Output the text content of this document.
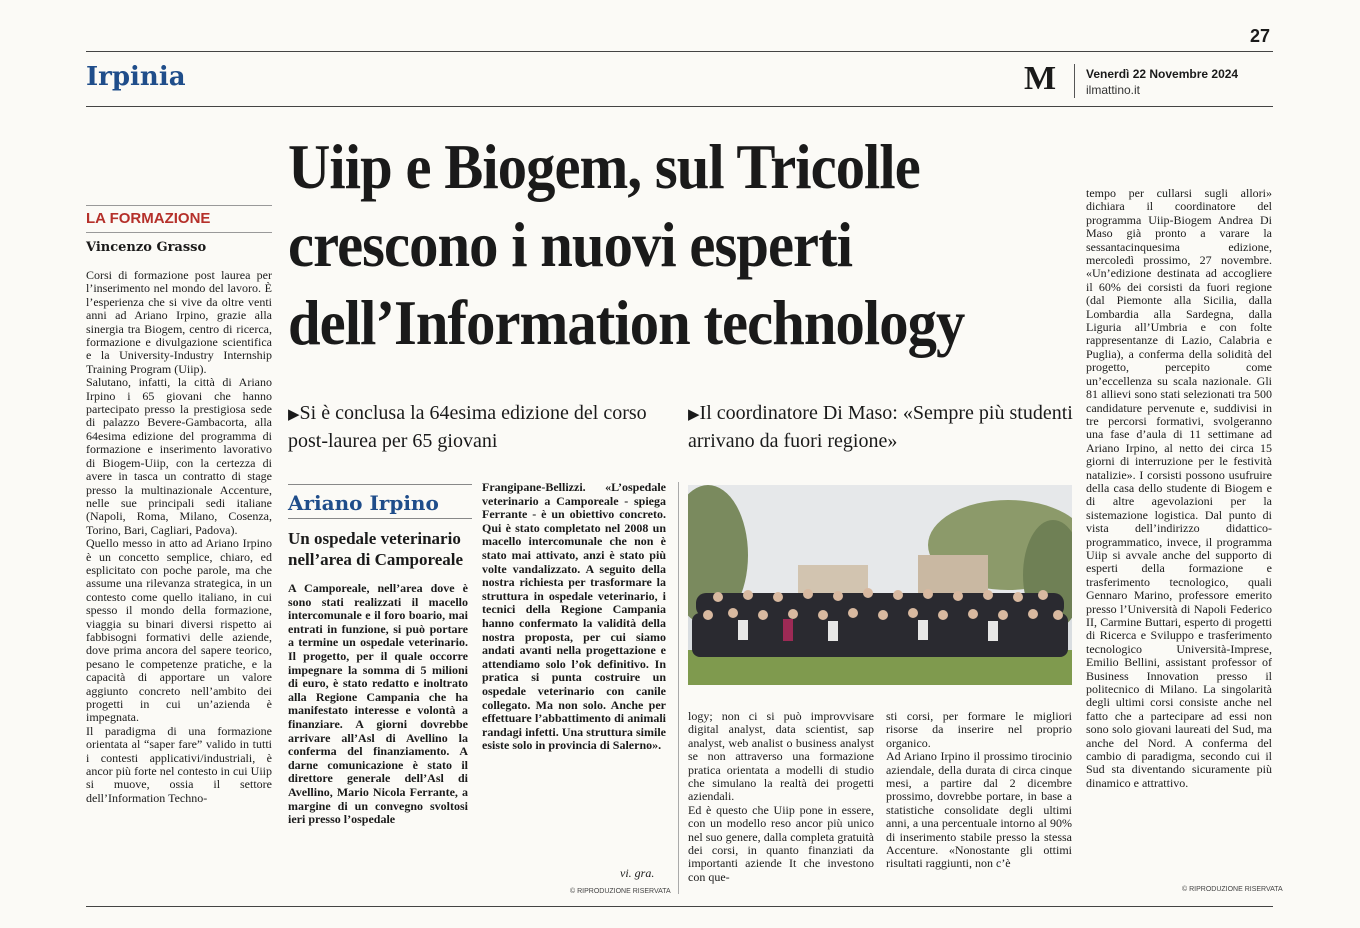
27
Irpinia	M	Venerdì 22 Novembre 2024
ilmattino.it
Uiip e Biogem, sul Tricolle
crescono i nuovi esperti
dell’Information technology
LA FORMAZIONE
Vincenzo Grasso

Corsi di formazione post laurea per l’inserimento nel mondo del lavoro. È l’esperienza che si vive da oltre venti anni ad Ariano Irpino, grazie alla sinergia tra Biogem, centro di ricerca, formazione e divulgazione scientifica e la University-Industry Internship Training Program (Uiip).

Salutano, infatti, la città di Ariano Irpino i 65 giovani che hanno partecipato presso la prestigiosa sede di palazzo Bevere-Gambacorta, alla 64esima edizione del programma di formazione e inserimento lavorativo di Biogem-Uiip, con la certezza di avere in tasca un contratto di stage presso la multinazionale Accenture, nelle sue principali sedi italiane (Napoli, Roma, Milano, Cosenza, Torino, Bari, Cagliari, Padova).

Quello messo in atto ad Ariano Irpino è un concetto semplice, chiaro, ed esplicitato con poche parole, ma che assume una rilevanza strategica, in un contesto come quello italiano, in cui spesso il mondo della formazione, viaggia su binari diversi rispetto ai fabbisogni formativi delle aziende, dove prima ancora del sapere teorico, pesano le competenze pratiche, e la capacità di apportare un valore aggiunto concreto nell’ambito dei progetti in cui un’azienda è impegnata.

Il paradigma di una formazione orientata al “saper fare” valido in tutti i contesti applicativi/industriali, è ancor più forte nel contesto in cui Uiip si muove, ossia il settore dell’Information Techno-

▶Si è conclusa la 64esima edizione del corso post-laurea per 65 giovani
▶Il coordinatore Di Maso: «Sempre più studenti arrivano da fuori regione»
Ariano Irpino
Un ospedale veterinario nell’area di Camporeale
A Camporeale, nell’area dove è sono stati realizzati il macello intercomunale e il foro boario, mai entrati in funzione, si può portare a termine un ospedale veterinario. Il progetto, per il quale occorre impegnare la somma di 5 milioni di euro, è stato redatto e inoltrato alla Regione Campania che ha manifestato interesse e volontà a finanziare. A giorni dovrebbe arrivare all’Asl di Avellino la conferma del finanziamento. A darne comunicazione è stato il direttore generale dell’Asl di Avellino, Mario Nicola Ferrante, a margine di un convegno svoltosi ieri presso l’ospedale
Frangipane-Bellizzi. «L’ospedale veterinario a Camporeale - spiega Ferrante - è un obiettivo concreto. Qui è stato completato nel 2008 un macello intercomunale che non è stato mai attivato, anzi è stato più volte vandalizzato. A seguito della nostra richiesta per trasformare la struttura in ospedale veterinario, i tecnici della Regione Campania hanno confermato la validità della nostra proposta, per cui siamo andati avanti nella progettazione e attendiamo solo l’ok definitivo. In pratica si punta costruire un ospedale veterinario con canile collegato. Ma non solo. Anche per effettuare l’abbattimento di animali randagi infetti. Una struttura simile esiste solo in provincia di Salerno».
vi. gra.
© RIPRODUZIONE RISERVATA

logy; non ci si può improvvisare digital analyst, data scientist, sap analyst, web analist o business analyst se non attraverso una formazione pratica orientata a modelli di studio che simulano la realtà dei progetti aziendali.

Ed è questo che Uiip pone in essere, con un modello reso ancor più unico nel suo genere, dalla completa gratuità dei corsi, in quanto finanziati da importanti aziende It che investono con que-

sti corsi, per formare le migliori risorse da inserire nel proprio organico.

Ad Ariano Irpino il prossimo tirocinio aziendale, della durata di circa cinque mesi, a partire dal 2 dicembre prossimo, dovrebbe portare, in base a statistiche consolidate degli ultimi anni, a una percentuale intorno al 90% di inserimento stabile presso la stessa Accenture. «Nonostante gli ottimi risultati raggiunti, non c’è

tempo per cullarsi sugli allori» dichiara il coordinatore del programma Uiip-Biogem Andrea Di Maso già pronto a varare la sessantacinquesima edizione, mercoledì prossimo, 27 novembre. «Un’edizione destinata ad accogliere il 60% dei corsisti da fuori regione (dal Piemonte alla Sicilia, dalla Lombardia alla Sardegna, dalla Liguria all’Umbria e con folte rappresentanze di Lazio, Calabria e Puglia), a conferma della solidità del progetto, percepito come un’eccellenza su scala nazionale. Gli 81 allievi sono stati selezionati tra 500 candidature pervenute e, suddivisi in tre percorsi formativi, svolgeranno una fase d’aula di 11 settimane ad Ariano Irpino, al netto dei circa 15 giorni di interruzione per le festività natalizie». I corsisti possono usufruire della casa dello studente di Biogem e di altre agevolazioni per la sistemazione logistica. Dal punto di vista dell’indirizzo didattico-programmatico, invece, il programma Uiip si avvale anche del supporto di esperti della formazione e trasferimento tecnologico, quali Gennaro Marino, professore emerito presso l’Università di Napoli Federico II, Carmine Buttari, esperto di progetti di Ricerca e Sviluppo e trasferimento tecnologico Università-Imprese, Emilio Bellini, assistant professor of Business Innovation presso il politecnico di Milano. La singolarità degli ultimi corsi consiste anche nel fatto che a partecipare ad essi non sono solo giovani laureati del Sud, ma anche del Nord. A conferma del cambio di paradigma, secondo cui il Sud sta diventando sicuramente più dinamico e attrattivo.

© RIPRODUZIONE RISERVATA
